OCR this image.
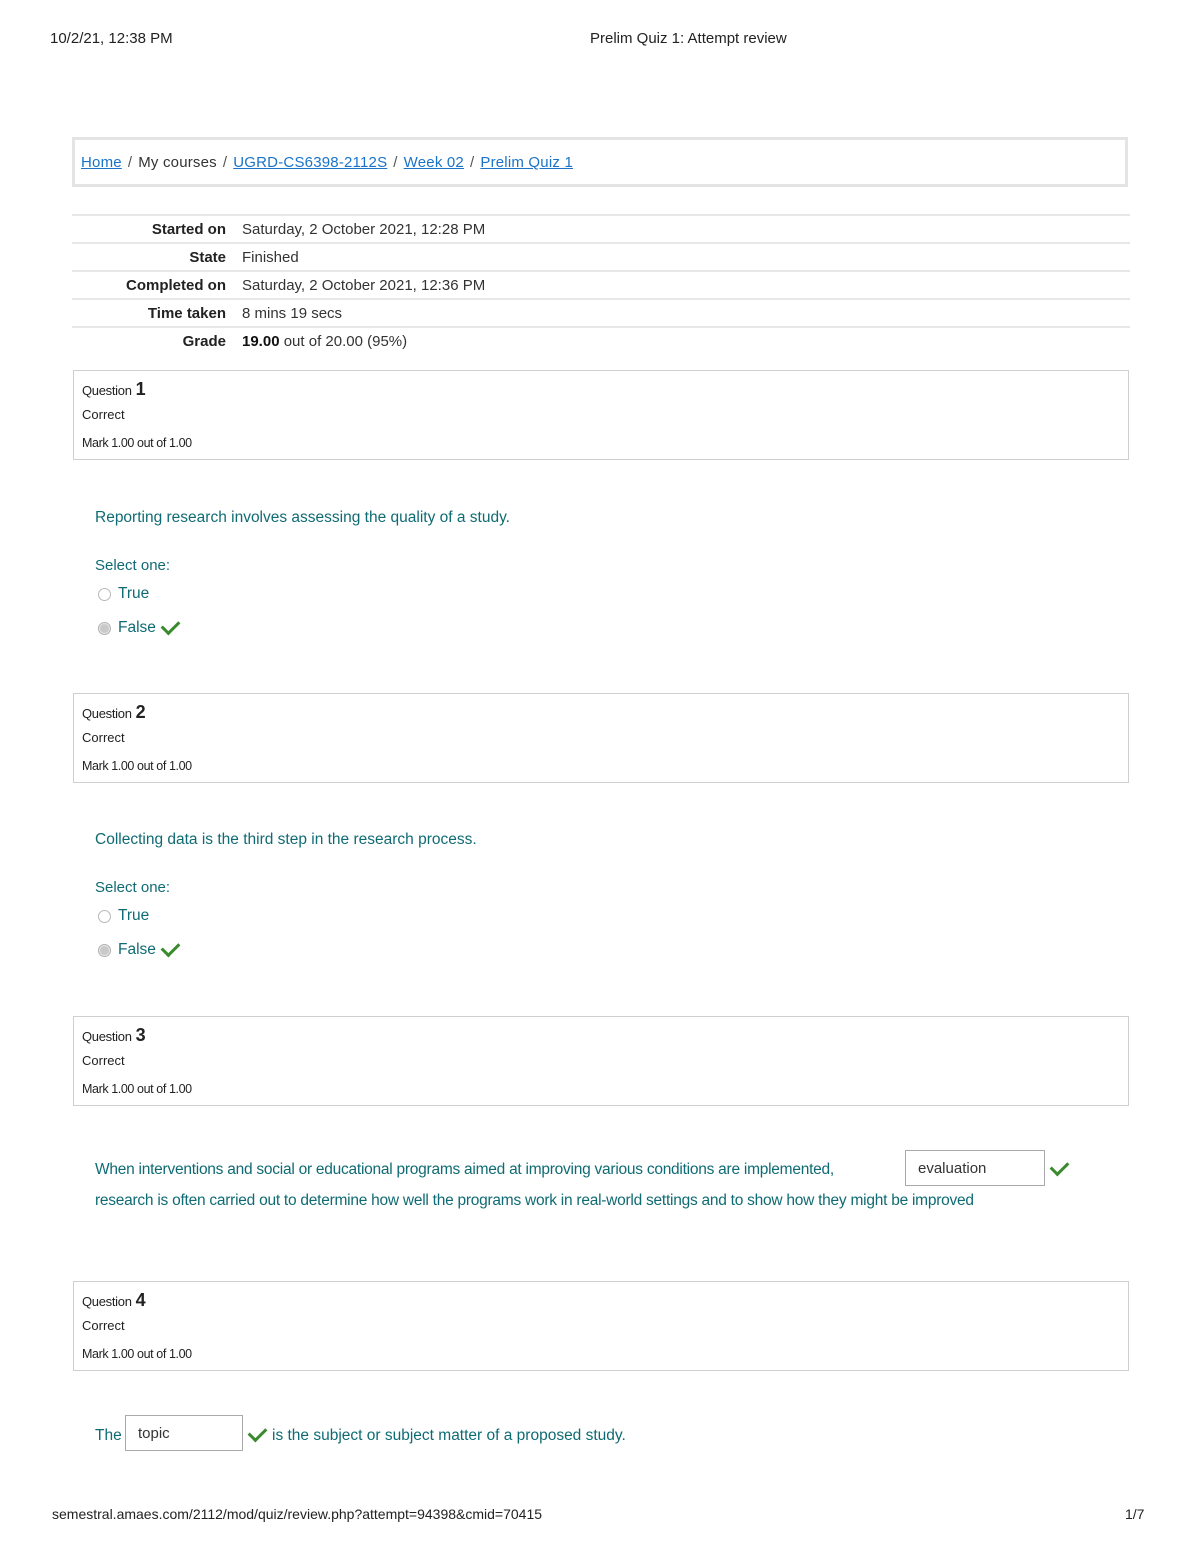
10/2/21, 12:38 PM	Prelim Quiz 1: Attempt review
Home / My courses / UGRD-CS6398-2112S / Week 02 / Prelim Quiz 1
Started on	Saturday, 2 October 2021, 12:28 PM
State	Finished
Completed on	Saturday, 2 October 2021, 12:36 PM
Time taken	8 mins 19 secs
Grade	19.00 out of 20.00 (95%)
Question 1
Correct
Mark 1.00 out of 1.00
Reporting research involves assessing the quality of a study.
Select one:
True
False
Question 2
Correct
Mark 1.00 out of 1.00
Collecting data is the third step in the research process.
Select one:
True
False
Question 3
Correct
Mark 1.00 out of 1.00
When interventions and social or educational programs aimed at improving various conditions are implemented,	evaluation
research is often carried out to determine how well the programs work in real-world settings and to show how they might be improved
Question 4
Correct
Mark 1.00 out of 1.00
The	topic	is the subject or subject matter of a proposed study.
semestral.amaes.com/2112/mod/quiz/review.php?attempt=94398&cmid=70415	1/7
